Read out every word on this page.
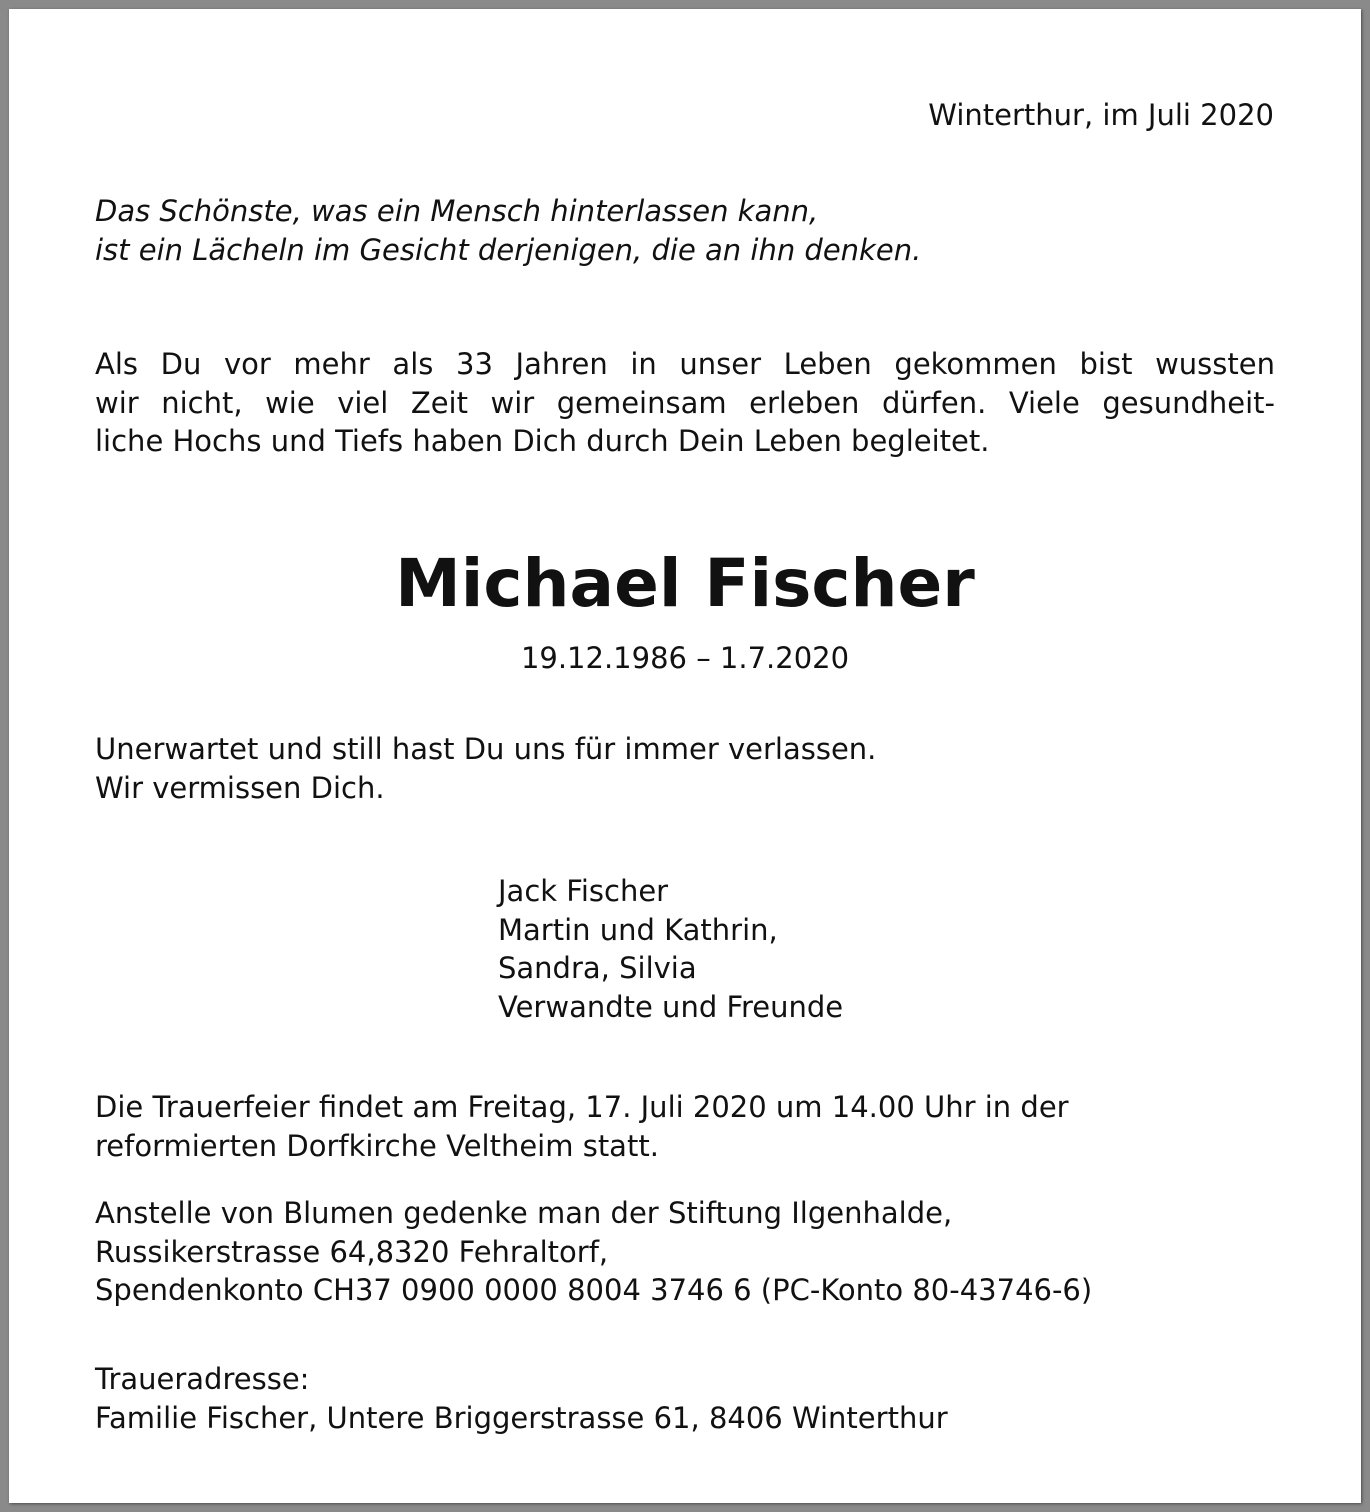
Winterthur, im Juli 2020

Das Schönste, was ein Mensch hinterlassen kann,
ist ein Lächeln im Gesicht derjenigen, die an ihn denken.

Als Du vor mehr als 33 Jahren in unser Leben gekommen bist wussten
wir nicht, wie viel Zeit wir gemeinsam erleben dürfen. Viele gesundheit-
liche Hochs und Tiefs haben Dich durch Dein Leben begleitet.

Michael Fischer

19.12.1986 – 1.7.2020

Unerwartet und still hast Du uns für immer verlassen.
Wir vermissen Dich.

Jack Fischer
Martin und Kathrin,
Sandra, Silvia
Verwandte und Freunde

Die Trauerfeier findet am Freitag, 17. Juli 2020 um 14.00 Uhr in der
reformierten Dorfkirche Veltheim statt.

Anstelle von Blumen gedenke man der Stiftung Ilgenhalde,
Russikerstrasse 64,8320 Fehraltorf,
Spendenkonto CH37 0900 0000 8004 3746 6 (PC-Konto 80-43746-6)

Traueradresse:
Familie Fischer, Untere Briggerstrasse 61, 8406 Winterthur
